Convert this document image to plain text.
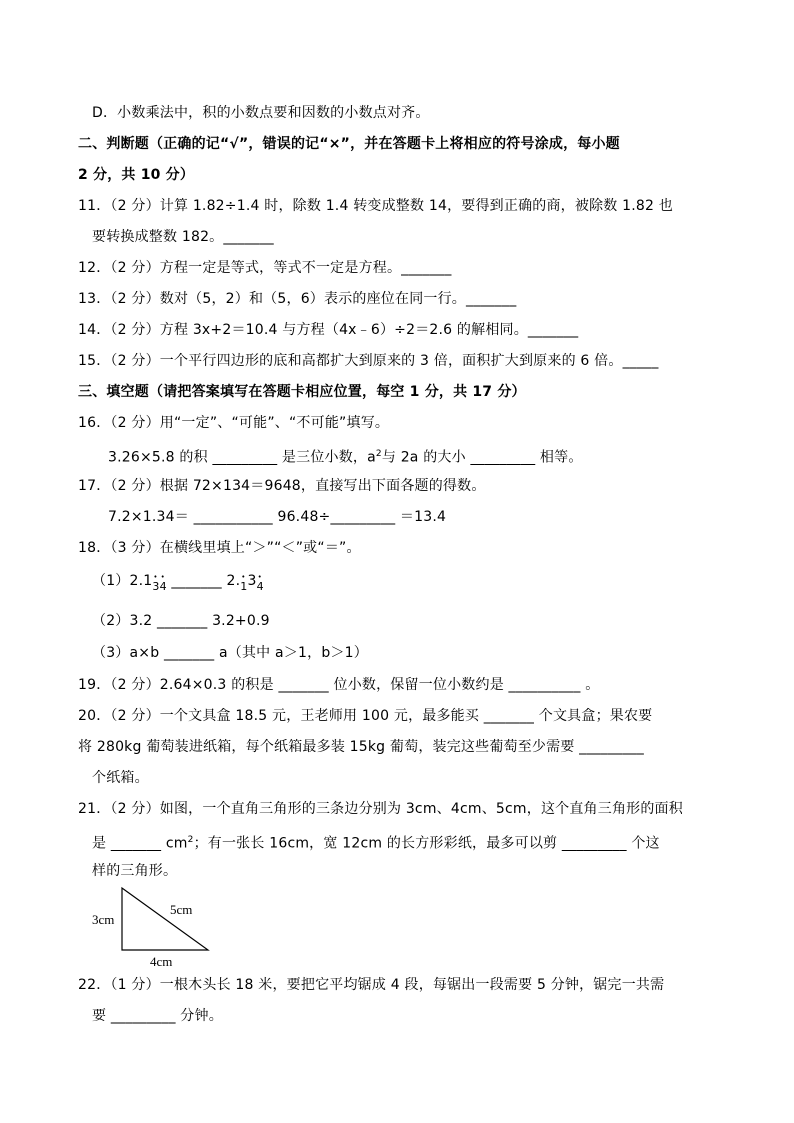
D．小数乘法中，积的小数点要和因数的小数点对齐。
二、判断题（正确的记“√”，错误的记“×”，并在答题卡上将相应的符号涂成，每小题
2 分，共 10 分）
11．（2 分）计算 1.82÷1.4 时，除数 1.4 转变成整数 14，要得到正确的商，被除数 1.82 也
要转换成整数 182。_______
12．（2 分）方程一定是等式，等式不一定是方程。_______
13．（2 分）数对（5，2）和（5，6）表示的座位在同一行。_______
14．（2 分）方程 3x+2＝10.4 与方程（4x﹣6）÷2＝2.6 的解相同。_______
15．（2 分）一个平行四边形的底和高都扩大到原来的 3 倍，面积扩大到原来的 6 倍。_____
三、填空题（请把答案填写在答题卡相应位置，每空 1 分，共 17 分）
16．（2 分）用“一定”、“可能”、“不可能”填写。
3.26×5.8 的积 _________ 是三位小数，$a^2$与 2a 的大小 _________ 相等。
17．（2 分）根据 72×134＝9648，直接写出下面各题的得数。
7.2×1.34＝ ___________ 96.48÷_________ ＝13.4
18．（3 分）在横线里填上“＞”“＜”或“＝”。
（1）2.1• 3• 4 _______ 2.• 13• 4
（2）3.2 _______ 3.2+0.9
（3）a×b _______ a（其中 a＞1，b＞1）
19．（2 分）2.64×0.3 的积是 _______ 位小数，保留一位小数约是 __________ 。
20．（2 分）一个文具盒 18.5 元，王老师用 100 元，最多能买 _______ 个文具盒；果农要
将 280kg 葡萄装进纸箱，每个纸箱最多装 15kg 葡萄，装完这些葡萄至少需要 _________
个纸箱。
21．（2 分）如图，一个直角三角形的三条边分别为 3cm、4cm、5cm，这个直角三角形的面积
是 _______ $cm^2$；有一张长 16cm，宽 12cm 的长方形彩纸，最多可以剪 _________ 个这
样的三角形。
3cm
5cm
4cm
22．（1 分）一根木头长 18 米，要把它平均锯成 4 段，每锯出一段需要 5 分钟，锯完一共需
要 _________ 分钟。
